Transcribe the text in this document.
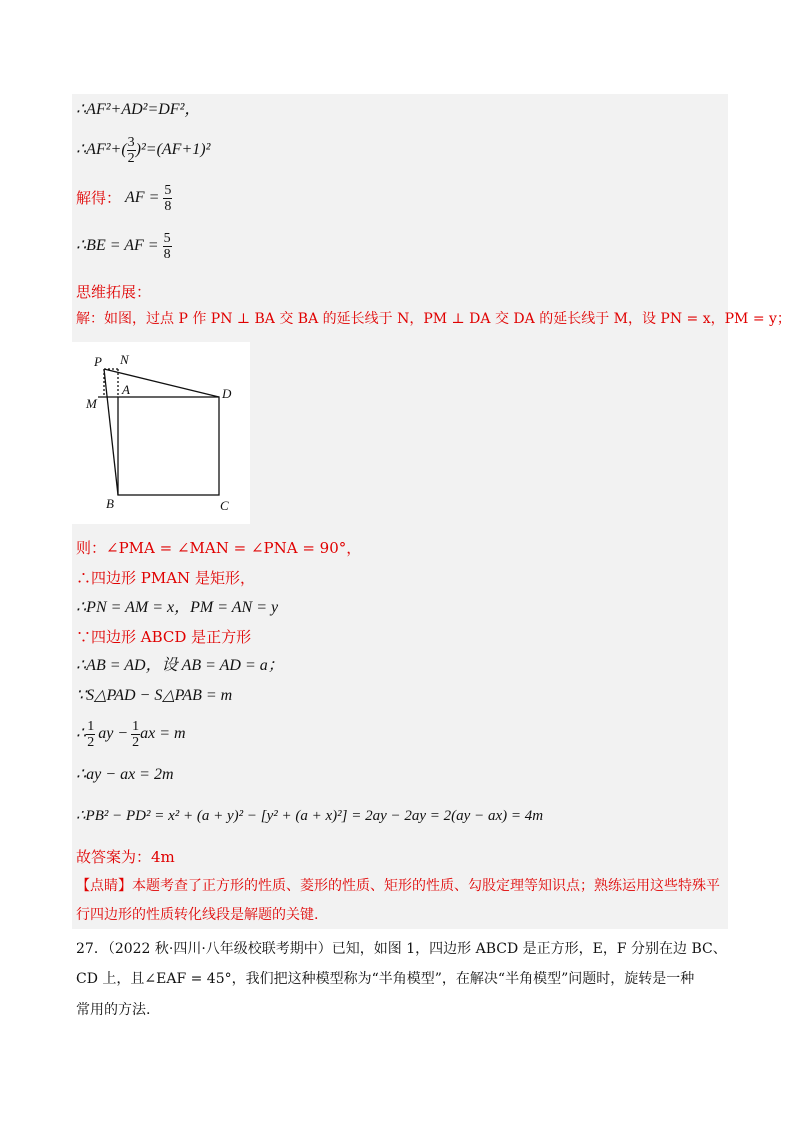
∴AF²+AD²=DF²，
∴AF²+( $\frac{3}{2} )^2=(AF+1)^2$
解得： AF = $\frac{5}{8}$
∴BE = AF = $\frac{5}{8}$
思维拓展：
解：如图，过点 P 作 PN ⊥ BA 交 BA 的延长线于 N，PM ⊥ DA 交 DA 的延长线于 M，设 PN = x，PM = y；
P N
A	D
M
B	C
则：∠PMA = ∠MAN = ∠PNA = 90°，
∴四边形 PMAN 是矩形，
∴PN = AM = x，PM = AN = y
∵四边形 ABCD 是正方形
∴AB = AD，设 AB = AD = a；
∵S△PAD − S△PAB = m
∴ $\frac{1}{2}$ ay − $\frac{1}{2}$ ax = m
∴ay − ax = 2m
∴PB² − PD² = x² + (a + y)² − [y² + (a + x)²] = 2ay − 2ay = 2(ay − ax) = 4m
故答案为：4m
【点睛】本题考查了正方形的性质、菱形的性质、矩形的性质、勾股定理等知识点；熟练运用这些特殊平
行四边形的性质转化线段是解题的关键.
27．（2022 秋·四川·八年级校联考期中）已知，如图 1，四边形 ABCD 是正方形，E，F 分别在边 BC、
CD 上，且∠EAF = 45°，我们把这种模型称为“半角模型”，在解决“半角模型”问题时，旋转是一种
常用的方法.
